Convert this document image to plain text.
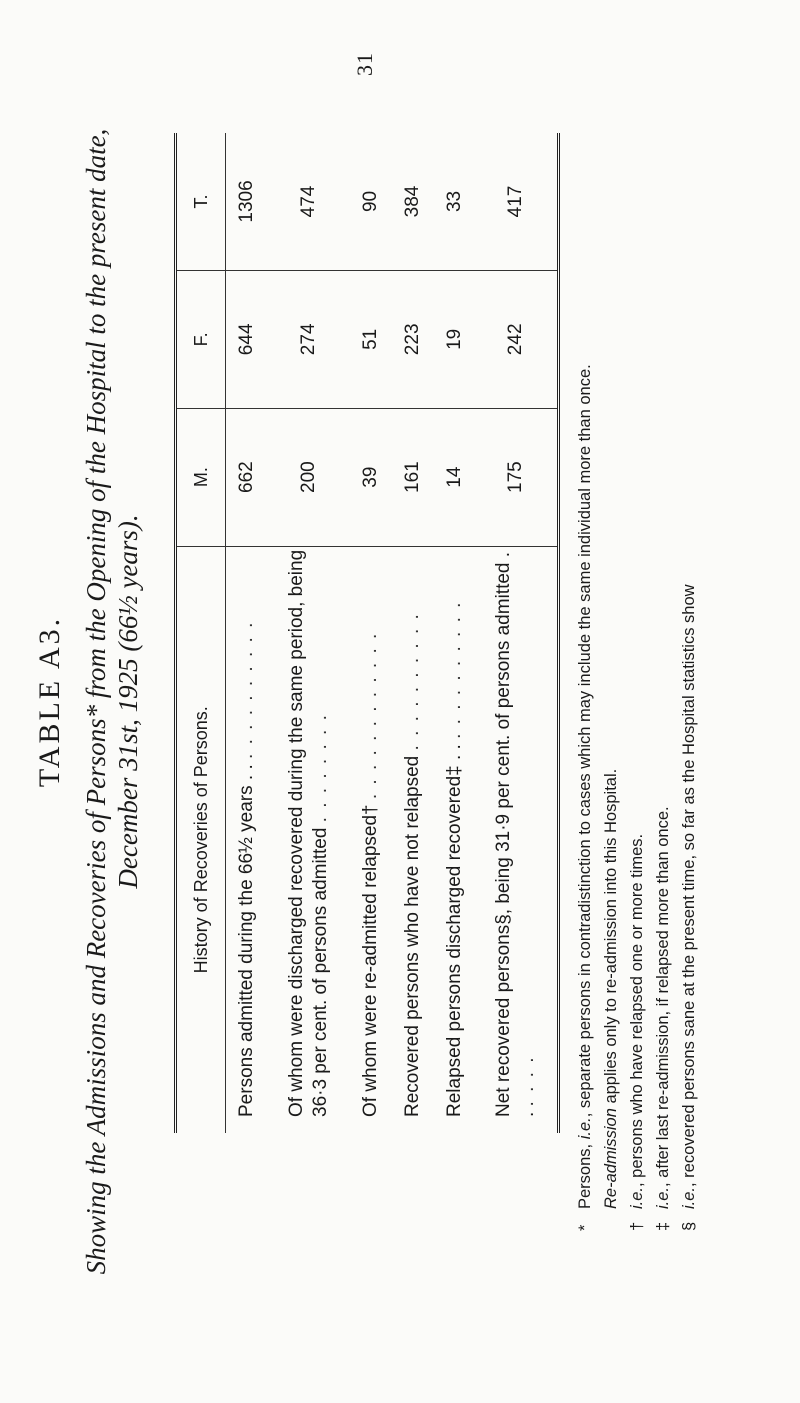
31
TABLE A3. Showing the Admissions and Recoveries of Persons* from the Opening of the Hospital to the present date, December 31st, 1925 (66½ years).	History of Recoveries of Persons.	M.	F.	T.
Persons admitted during the 66½ years . . . . . . . . . . . .	662	644	1306
Of whom were discharged recovered during the same period, being 36·3 per cent. of persons admitted . . . . . . . .	200	274	474
Of whom were re-admitted relapsed† . . . . . . . . . . . .	39	51	90
Recovered persons who have not relapsed . . . . . . . . . .	161	223	384
Relapsed persons discharged recovered‡ . . . . . . . . . . . .	14	19	33
Net recovered persons§, being 31·9 per cent. of persons admitted . . . . . .	175	242	417
*Persons, i.e., separate persons in contradistinction to cases which may include the same individual more than once.
Re-admission applies only to re-admission into this Hospital.
†i.e., persons who have relapsed one or more times.
‡i.e., after last re-admission, if relapsed more than once.
§i.e., recovered persons sane at the present time, so far as the Hospital statistics show
